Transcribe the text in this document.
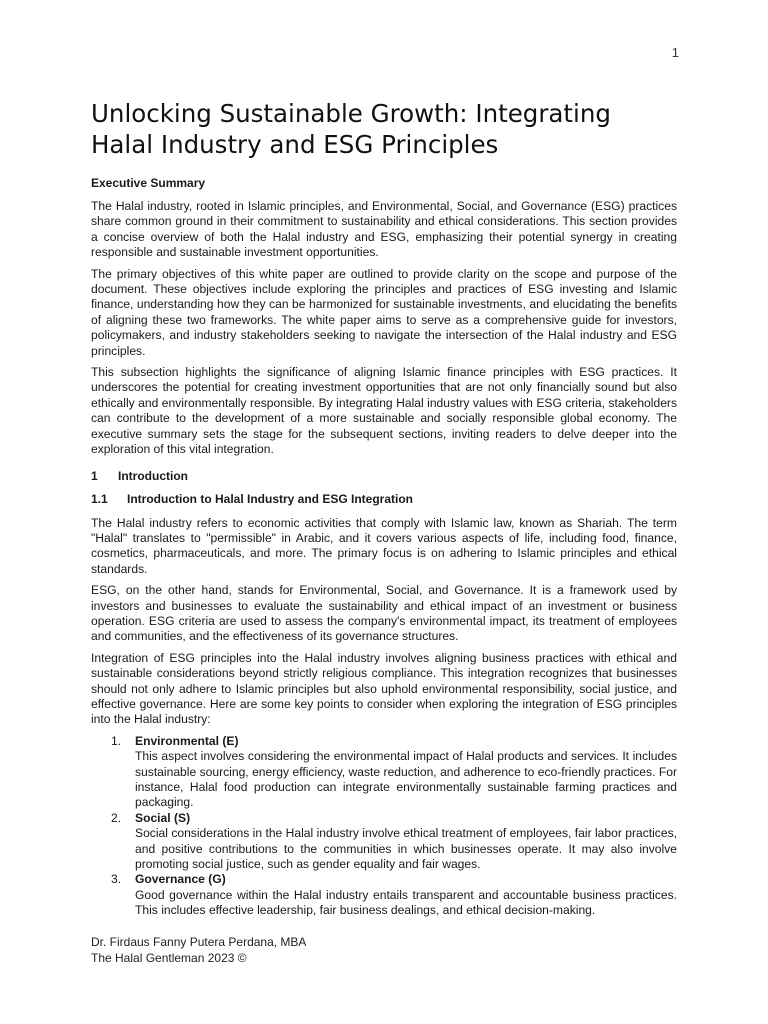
1
Unlocking Sustainable Growth: Integrating Halal Industry and ESG Principles
Executive Summary

The Halal industry, rooted in Islamic principles, and Environmental, Social, and Governance (ESG) practices share common ground in their commitment to sustainability and ethical considerations. This section provides a concise overview of both the Halal industry and ESG, emphasizing their potential synergy in creating responsible and sustainable investment opportunities.

The primary objectives of this white paper are outlined to provide clarity on the scope and purpose of the document. These objectives include exploring the principles and practices of ESG investing and Islamic finance, understanding how they can be harmonized for sustainable investments, and elucidating the benefits of aligning these two frameworks. The white paper aims to serve as a comprehensive guide for investors, policymakers, and industry stakeholders seeking to navigate the intersection of the Halal industry and ESG principles.

This subsection highlights the significance of aligning Islamic finance principles with ESG practices. It underscores the potential for creating investment opportunities that are not only financially sound but also ethically and environmentally responsible. By integrating Halal industry values with ESG criteria, stakeholders can contribute to the development of a more sustainable and socially responsible global economy. The executive summary sets the stage for the subsequent sections, inviting readers to delve deeper into the exploration of this vital integration.

1	Introduction
1.1	Introduction to Halal Industry and ESG Integration

The Halal industry refers to economic activities that comply with Islamic law, known as Shariah. The term "Halal" translates to "permissible" in Arabic, and it covers various aspects of life, including food, finance, cosmetics, pharmaceuticals, and more. The primary focus is on adhering to Islamic principles and ethical standards.

ESG, on the other hand, stands for Environmental, Social, and Governance. It is a framework used by investors and businesses to evaluate the sustainability and ethical impact of an investment or business operation. ESG criteria are used to assess the company's environmental impact, its treatment of employees and communities, and the effectiveness of its governance structures.

Integration of ESG principles into the Halal industry involves aligning business practices with ethical and sustainable considerations beyond strictly religious compliance. This integration recognizes that businesses should not only adhere to Islamic principles but also uphold environmental responsibility, social justice, and effective governance. Here are some key points to consider when exploring the integration of ESG principles into the Halal industry:

1.	Environmental (E)
This aspect involves considering the environmental impact of Halal products and services. It includes sustainable sourcing, energy efficiency, waste reduction, and adherence to eco-friendly practices. For instance, Halal food production can integrate environmentally sustainable farming practices and packaging.
2.	Social (S)
Social considerations in the Halal industry involve ethical treatment of employees, fair labor practices, and positive contributions to the communities in which businesses operate. It may also involve promoting social justice, such as gender equality and fair wages.
3.	Governance (G)
Good governance within the Halal industry entails transparent and accountable business practices. This includes effective leadership, fair business dealings, and ethical decision-making.
Dr. Firdaus Fanny Putera Perdana, MBA
The Halal Gentleman 2023 ©
